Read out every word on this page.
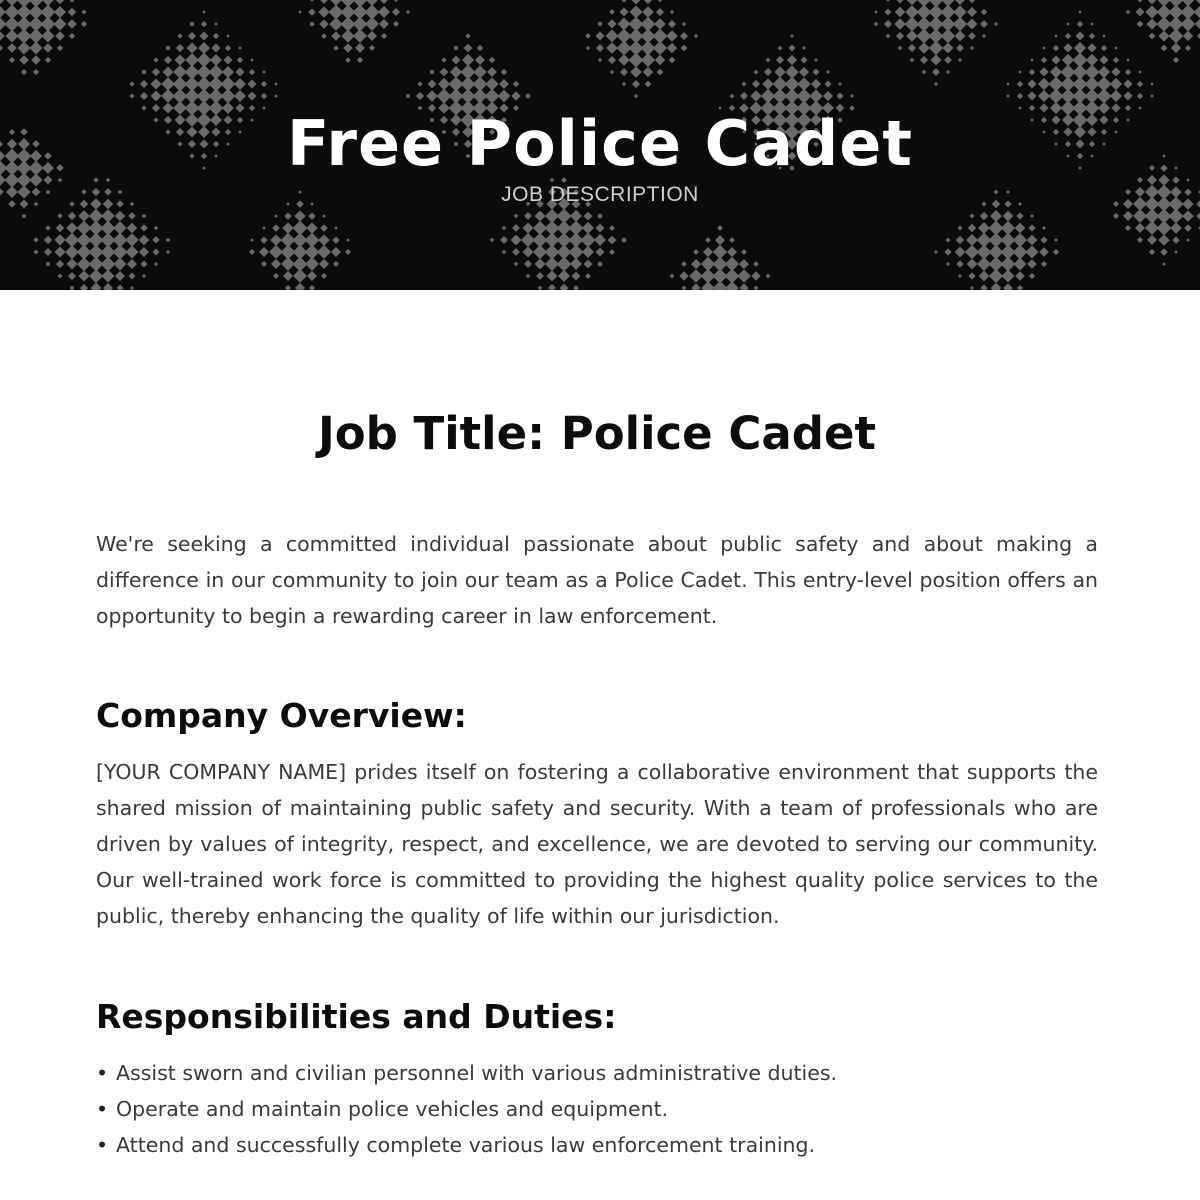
Free Police Cadet

JOB DESCRIPTION

Job Title: Police Cadet

We're seeking a committed individual passionate about public safety and about making a difference in our community to join our team as a Police Cadet. This entry-level position offers an opportunity to begin a rewarding career in law enforcement.

Company Overview:

[YOUR COMPANY NAME] prides itself on fostering a collaborative environment that supports the shared mission of maintaining public safety and security. With a team of professionals who are driven by values of integrity, respect, and excellence, we are devoted to serving our community. Our well-trained work force is committed to providing the highest quality police services to the public, thereby enhancing the quality of life within our jurisdiction.

Responsibilities and Duties:
• Assist sworn and civilian personnel with various administrative duties.
• Operate and maintain police vehicles and equipment.
• Attend and successfully complete various law enforcement training.
